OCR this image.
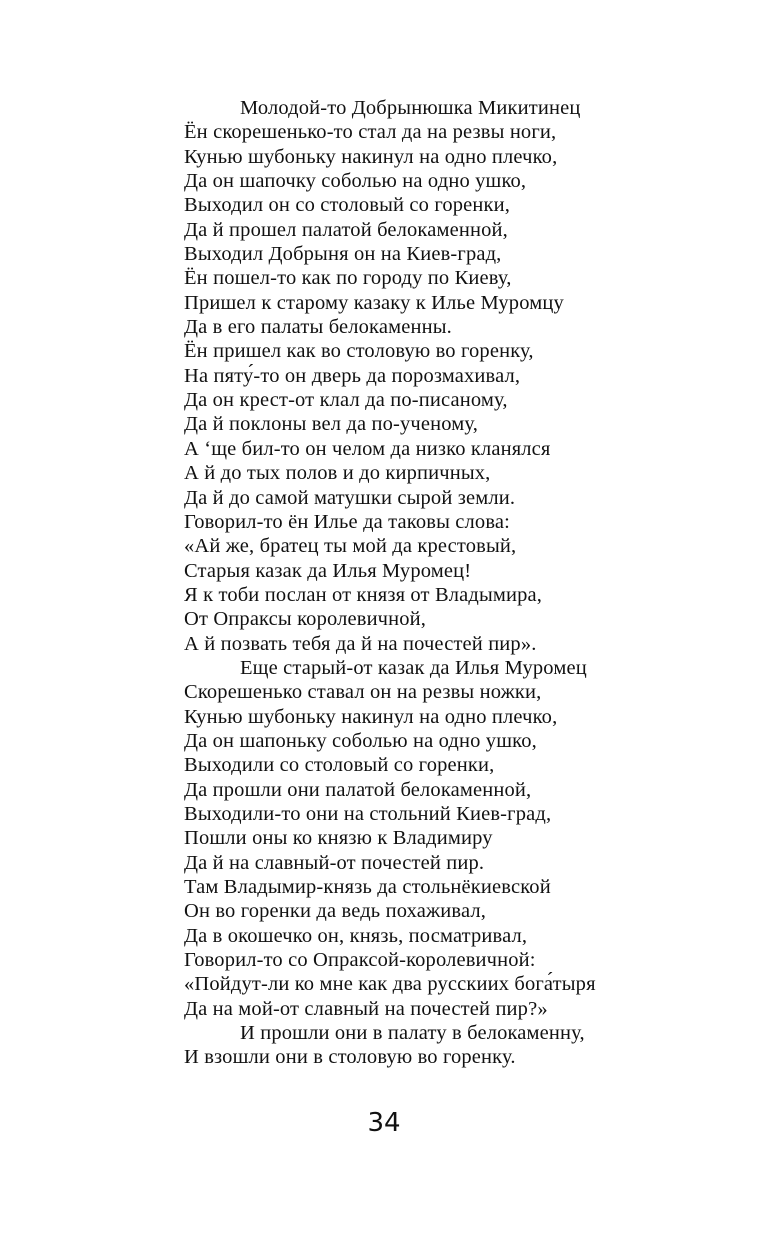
Молодой-то Добрынюшка Микитинец
Ён скорешенько-то стал да на резвы ноги,
Кунью шубоньку накинул на одно плечко,
Да он шапочку соболью на одно ушко,
Выходил он со столовый со горенки,
Да й прошел палатой белокаменной,
Выходил Добрыня он на Киев-град,
Ён пошел-то как по городу по Киеву,
Пришел к старому казаку к Илье Муромцу
Да в его палаты белокаменны.
Ён пришел как во столовую во горенку,
На пяту́-то он дверь да порозмахивал,
Да он крест-от клал да по-писаному,
Да й поклоны вел да по-ученому,
А ‘ще бил-то он челом да низко кланялся
А й до тых полов и до кирпичных,
Да й до самой матушки сырой земли.
Говорил-то ён Илье да таковы слова:
«Ай же, братец ты мой да крестовый,
Старыя казак да Илья Муромец!
Я к тоби послан от князя от Владымира,
От Опраксы королевичной,
А й позвать тебя да й на почестей пир».
Еще старый-от казак да Илья Муромец
Скорешенько ставал он на резвы ножки,
Кунью шубоньку накинул на одно плечко,
Да он шапоньку соболью на одно ушко,
Выходили со столовый со горенки,
Да прошли они палатой белокаменной,
Выходили-то они на стольний Киев-град,
Пошли оны ко князю к Владимиру
Да й на славный-от почестей пир.
Там Владымир-князь да стольнёкиевской
Он во горенки да ведь похаживал,
Да в окошечко он, князь, посматривал,
Говорил-то со Опраксой-королевичной:
«Пойдут-ли ко мне как два русскиих бога́тыря
Да на мой-от славный на почестей пир?»
И прошли они в палату в белокаменну,
И взошли они в столовую во горенку.
34
